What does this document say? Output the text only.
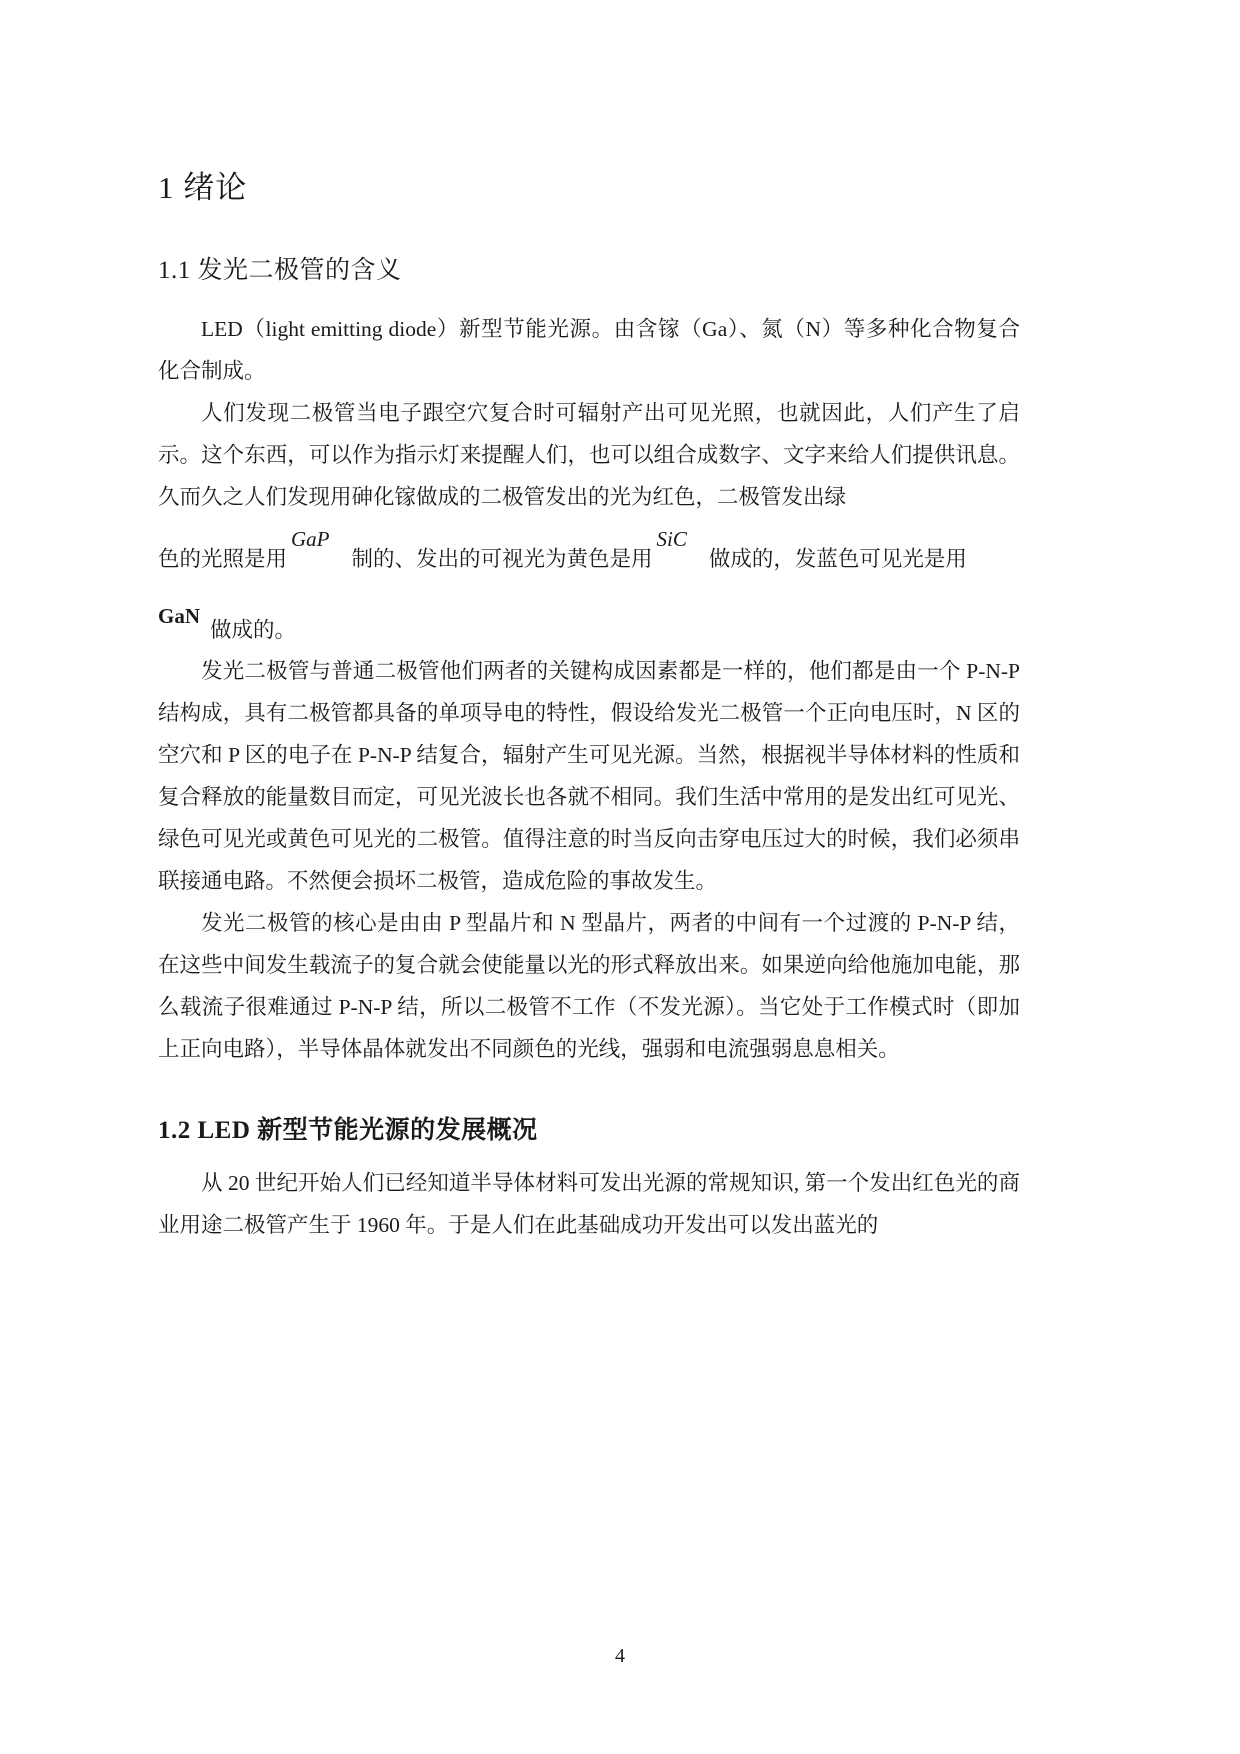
1 绪论
1.1 发光二极管的含义

LED（light emitting diode）新型节能光源。由含镓（Ga）、氮（N）等多种化合物复合化合制成。

人们发现二极管当电子跟空穴复合时可辐射产出可见光照，也就因此，人们产生了启示。这个东西，可以作为指示灯来提醒人们，也可以组合成数字、文字来给人们提供讯息。久而久之人们发现用砷化镓做成的二极管发出的光为红色，二极管发出绿

色的光照是用GaP制的、发出的可视光为黄色是用SiC做成的，发蓝色可见光是用

GaN做成的。

发光二极管与普通二极管他们两者的关键构成因素都是一样的，他们都是由一个 P-N-P 结构成，具有二极管都具备的单项导电的特性，假设给发光二极管一个正向电压时，N 区的空穴和 P 区的电子在 P-N-P 结复合，辐射产生可见光源。当然，根据视半导体材料的性质和复合释放的能量数目而定，可见光波长也各就不相同。我们生活中常用的是发出红可见光、绿色可见光或黄色可见光的二极管。值得注意的时当反向击穿电压过大的时候，我们必须串联接通电路。不然便会损坏二极管，造成危险的事故发生。

发光二极管的核心是由由 P 型晶片和 N 型晶片，两者的中间有一个过渡的 P-N-P 结，在这些中间发生载流子的复合就会使能量以光的形式释放出来。如果逆向给他施加电能，那么载流子很难通过 P-N-P 结，所以二极管不工作（不发光源）。当它处于工作模式时（即加上正向电路），半导体晶体就发出不同颜色的光线，强弱和电流强弱息息相关。

1.2 LED 新型节能光源的发展概况

从 20 世纪开始人们已经知道半导体材料可发出光源的常规知识, 第一个发出红色光的商业用途二极管产生于 1960 年。于是人们在此基础成功开发出可以发出蓝光的

4
